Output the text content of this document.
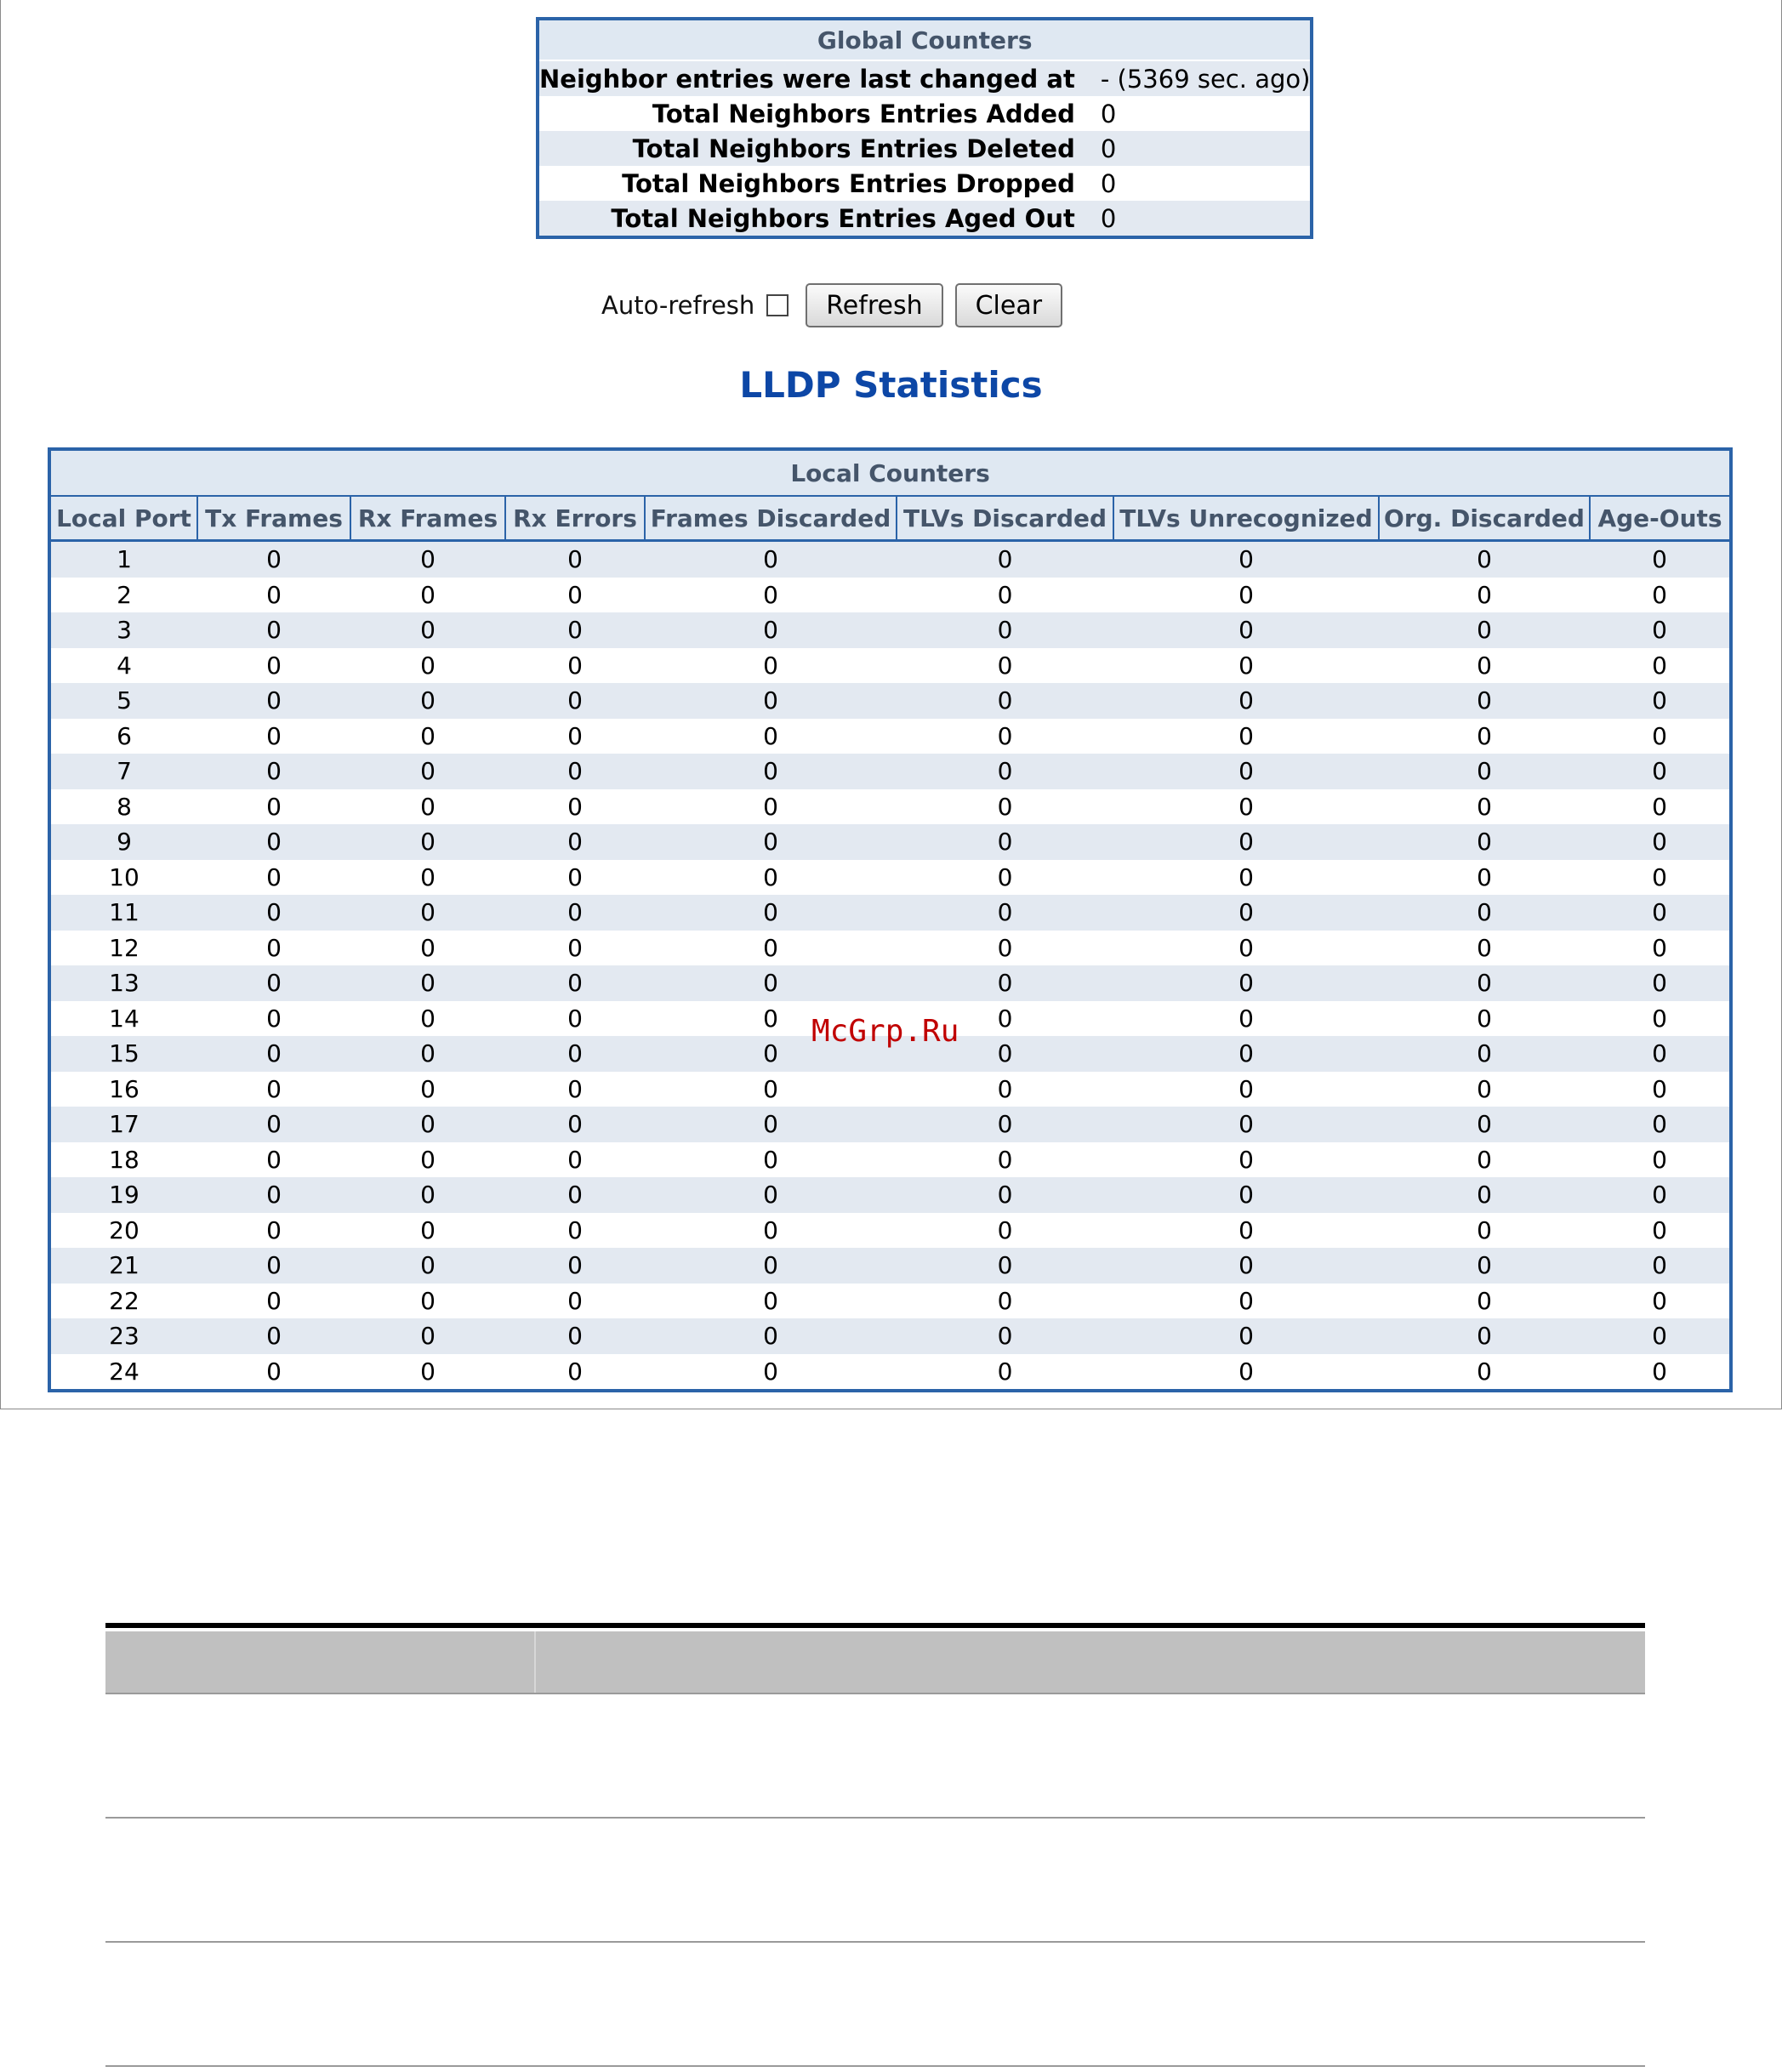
Global Counters	
Neighbor entries were last changed at	- (5369 sec. ago)
Total Neighbors Entries Added	0
Total Neighbors Entries Deleted	0
Total Neighbors Entries Dropped	0
Total Neighbors Entries Aged Out	0
Auto-refresh	Refresh	Clear
LLDP Statistics
Local Counters								
Local Port	Tx Frames	Rx Frames	Rx Errors	Frames Discarded	TLVs Discarded	TLVs Unrecognized	Org. Discarded	Age-Outs
1	0	0	0	0	0	0	0	0
2	0	0	0	0	0	0	0	0
3	0	0	0	0	0	0	0	0
4	0	0	0	0	0	0	0	0
5	0	0	0	0	0	0	0	0
6	0	0	0	0	0	0	0	0
7	0	0	0	0	0	0	0	0
8	0	0	0	0	0	0	0	0
9	0	0	0	0	0	0	0	0
10	0	0	0	0	0	0	0	0
11	0	0	0	0	0	0	0	0
12	0	0	0	0	0	0	0	0
13	0	0	0	0	0	0	0	0
14	0	0	0	0	0	0	0	0
15	0	0	0	0	0	0	0	0
16	0	0	0	0	0	0	0	0
17	0	0	0	0	0	0	0	0
18	0	0	0	0	0	0	0	0
19	0	0	0	0	0	0	0	0
20	0	0	0	0	0	0	0	0
21	0	0	0	0	0	0	0	0
22	0	0	0	0	0	0	0	0
23	0	0	0	0	0	0	0	0
24	0	0	0	0	0	0	0	0
McGrp.Ru
